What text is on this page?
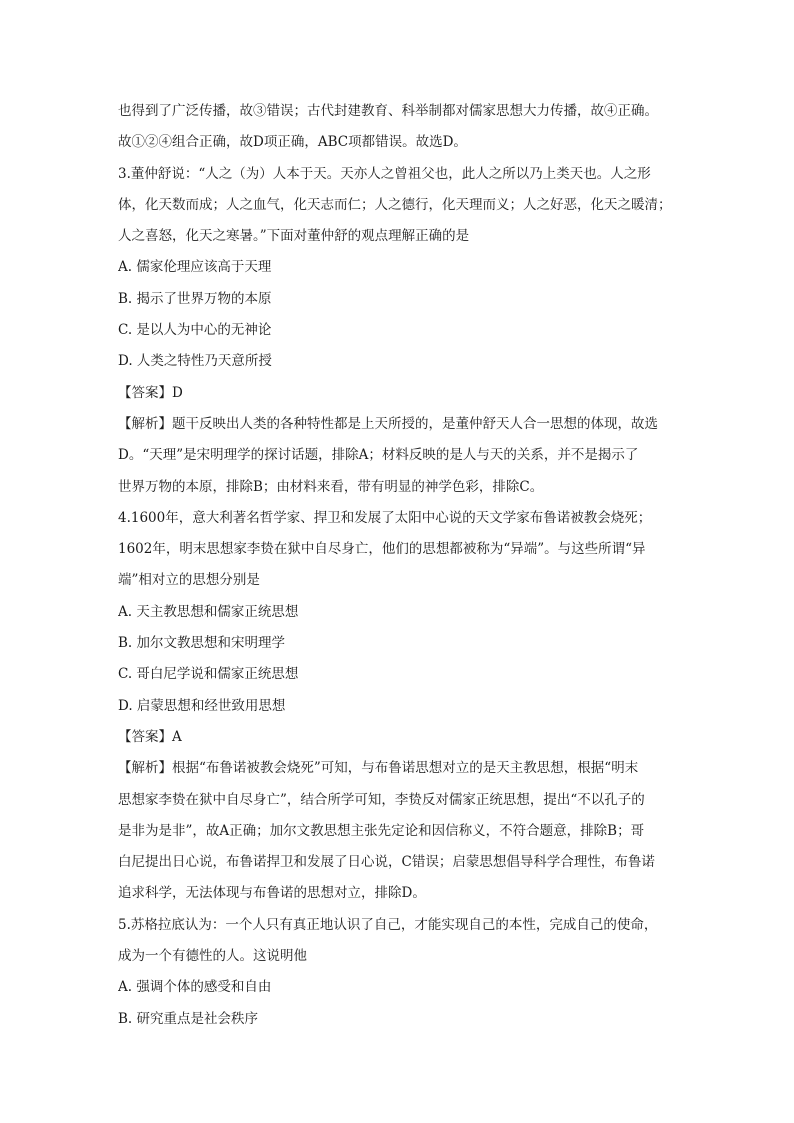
也得到了广泛传播，故③错误；古代封建教育、科举制都对儒家思想大力传播，故④正确。
故①②④组合正确，故D项正确，ABC项都错误。故选D。
3.董仲舒说：“人之（为）人本于天。天亦人之曾祖父也，此人之所以乃上类天也。人之形
体，化天数而成；人之血气，化天志而仁；人之德行，化天理而义；人之好恶，化天之暖清；
人之喜怒，化天之寒暑。”下面对董仲舒的观点理解正确的是
A. 儒家伦理应该高于天理
B. 揭示了世界万物的本原
C. 是以人为中心的无神论
D. 人类之特性乃天意所授
【答案】D
【解析】题干反映出人类的各种特性都是上天所授的，是董仲舒天人合一思想的体现，故选
D。“天理”是宋明理学的探讨话题，排除A；材料反映的是人与天的关系，并不是揭示了
世界万物的本原，排除B；由材料来看，带有明显的神学色彩，排除C。
4.1600年，意大利著名哲学家、捍卫和发展了太阳中心说的天文学家布鲁诺被教会烧死；
1602年，明末思想家李贽在狱中自尽身亡，他们的思想都被称为“异端”。与这些所谓“异
端”相对立的思想分别是
A. 天主教思想和儒家正统思想
B. 加尔文教思想和宋明理学
C. 哥白尼学说和儒家正统思想
D. 启蒙思想和经世致用思想
【答案】A
【解析】根据“布鲁诺被教会烧死”可知，与布鲁诺思想对立的是天主教思想，根据“明末
思想家李贽在狱中自尽身亡”，结合所学可知，李贽反对儒家正统思想，提出“不以孔子的
是非为是非”，故A正确；加尔文教思想主张先定论和因信称义，不符合题意，排除B；哥
白尼提出日心说，布鲁诺捍卫和发展了日心说，C错误；启蒙思想倡导科学合理性，布鲁诺
追求科学，无法体现与布鲁诺的思想对立，排除D。
5.苏格拉底认为：一个人只有真正地认识了自己，才能实现自己的本性，完成自己的使命，
成为一个有德性的人。这说明他
A. 强调个体的感受和自由
B. 研究重点是社会秩序
